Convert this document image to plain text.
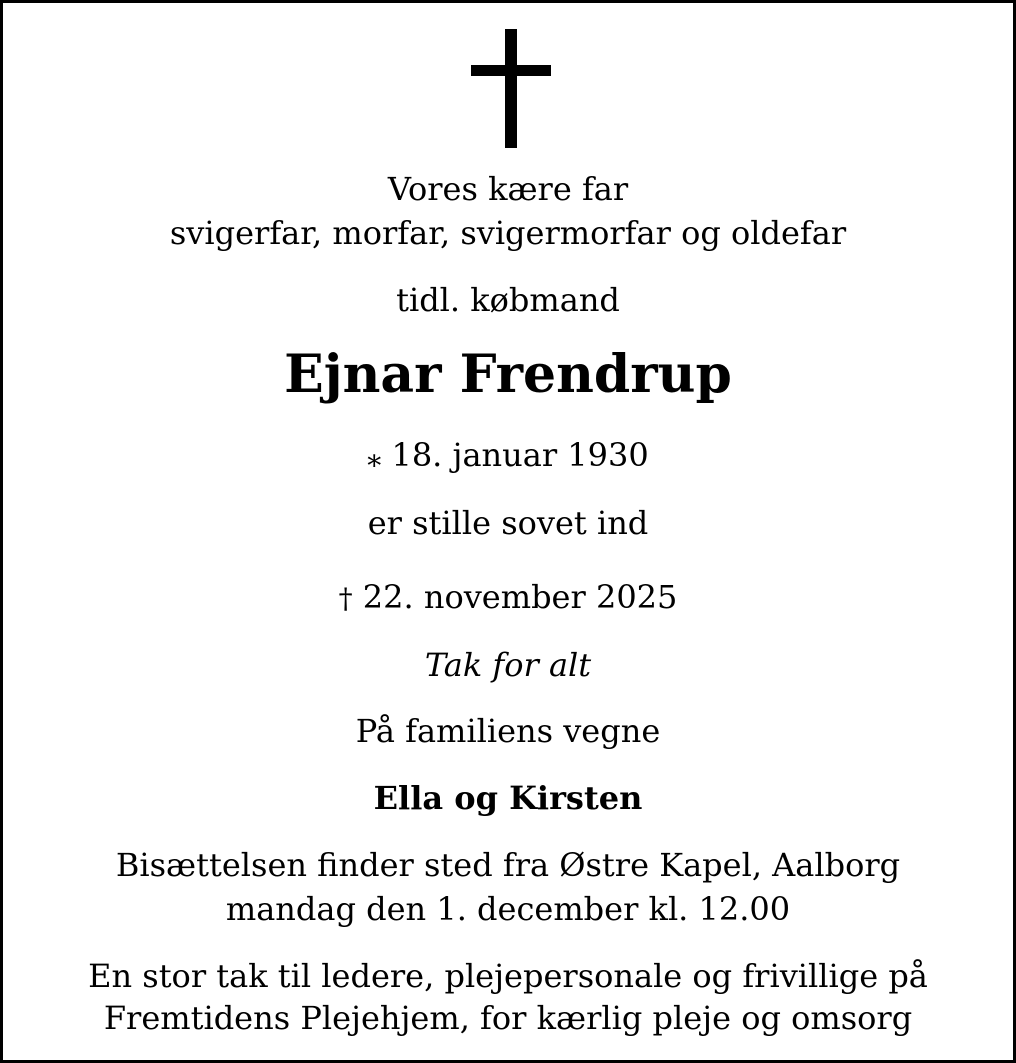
Vores kære far
svigerfar, morfar, svigermorfar og oldefar
tidl. købmand
Ejnar Frendrup
⁎ 18. januar 1930
er stille sovet ind
† 22. november 2025
Tak for alt
På familiens vegne
Ella og Kirsten
Bisættelsen finder sted fra Østre Kapel, Aalborg
mandag den 1. december kl. 12.00
En stor tak til ledere, plejepersonale og frivillige på
Fremtidens Plejehjem, for kærlig pleje og omsorg
